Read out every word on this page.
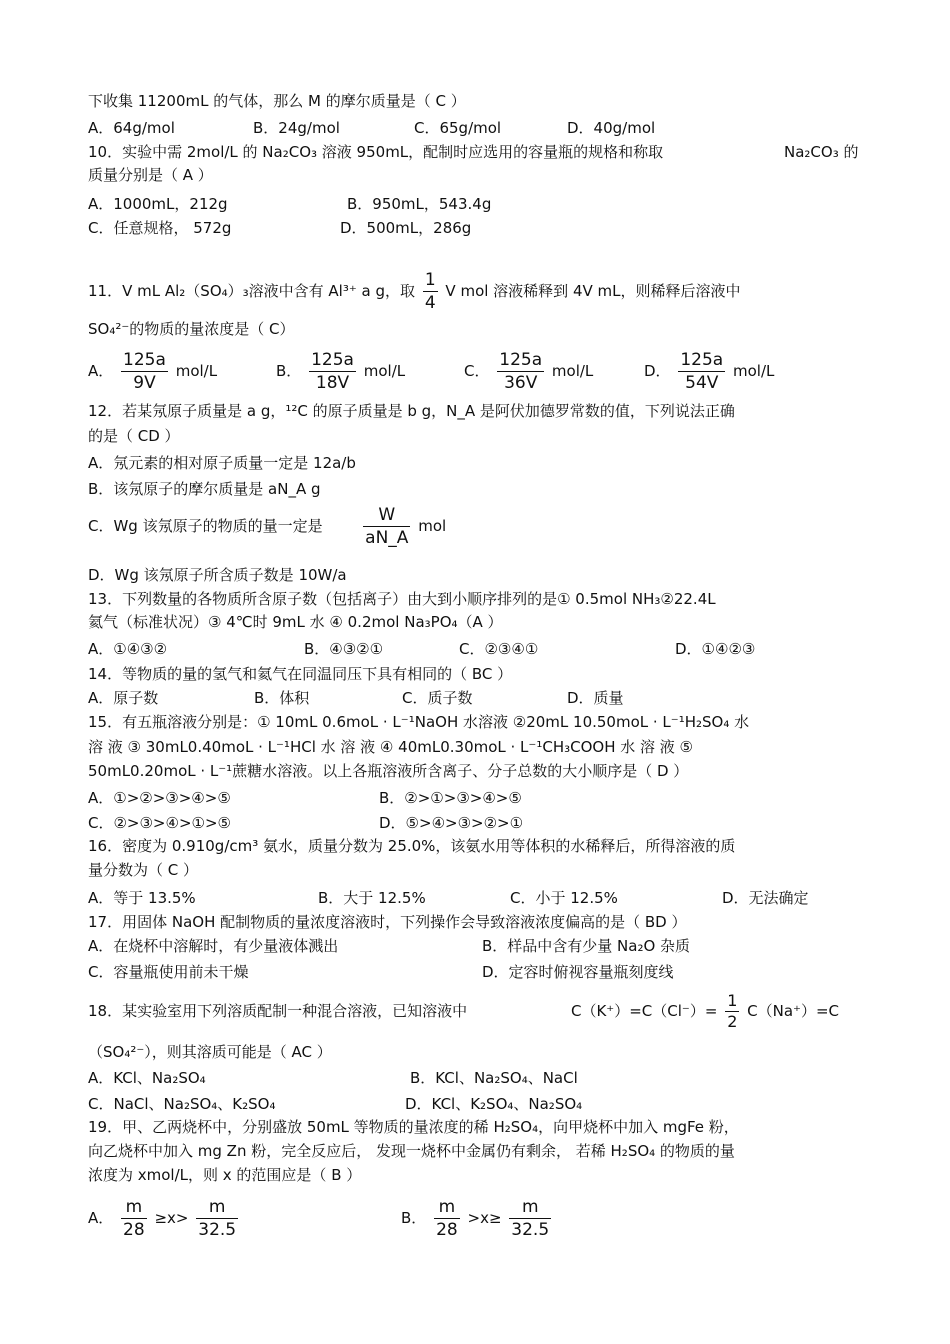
下收集 11200mL 的气体，那么 M 的摩尔质量是（ C ）
A．64g/mol	B．24g/mol	C．65g/mol	D．40g/mol
10．实验中需 2mol/L 的 Na₂CO₃ 溶液 950mL，配制时应选用的容量瓶的规格和称取	Na₂CO₃ 的
质量分别是（ A ）
A．1000mL，212g	B．950mL，543.4g
C．任意规格， 572g	D．500mL，286g
11．V mL Al₂（SO₄）₃溶液中含有 Al³⁺ a g，取 $\frac{1}{4}$ V mol 溶液稀释到 4V mL，则稀释后溶液中
SO₄²⁻的物质的量浓度是（ C）
A． $\frac{125a}{9V} mol/L$	B． $\frac{125a}{18V} mol/L$	C． $\frac{125a}{36V} mol/L$	D． $\frac{125a}{54V} mol/L$
12．若某氖原子质量是 a g，¹²C 的原子质量是 b g，N_A 是阿伏加德罗常数的值，下列说法正确
的是（ CD ）
A．氖元素的相对原子质量一定是 12a/b
B．该氖原子的摩尔质量是 aN_A g
C．Wg 该氖原子的物质的量一定是 $\frac{W}{aN\_A}$ mol
D．Wg 该氖原子所含质子数是 10W/a
13．下列数量的各物质所含原子数（包括离子）由大到小顺序排列的是① 0.5mol NH₃②22.4L
氦气（标准状况）③ 4℃时 9mL 水 ④ 0.2mol Na₃PO₄（A ）
A．①④③②	B．④③②①	C．②③④①	D．①④②③
14．等物质的量的氢气和氦气在同温同压下具有相同的（ BC ）
A．原子数	B．体积	C．质子数	D．质量
15．有五瓶溶液分别是：① 10mL 0.6moL · L⁻¹NaOH 水溶液 ②20mL 10.50moL · L⁻¹H₂SO₄ 水
溶 液 ③ 30mL0.40moL · L⁻¹HCl 水 溶 液 ④ 40mL0.30moL · L⁻¹CH₃COOH 水 溶 液 ⑤
50mL0.20moL · L⁻¹蔗糖水溶液。以上各瓶溶液所含离子、分子总数的大小顺序是（ D ）
A．①>②>③>④>⑤	B．②>①>③>④>⑤
C．②>③>④>①>⑤	D．⑤>④>③>②>①
16．密度为 0.910g/cm³ 氨水，质量分数为 25.0%，该氨水用等体积的水稀释后，所得溶液的质
量分数为（ C ）
A．等于 13.5%	B．大于 12.5%	C．小于 12.5%	D．无法确定
17．用固体 NaOH 配制物质的量浓度溶液时，下列操作会导致溶液浓度偏高的是（ BD ）
A．在烧杯中溶解时，有少量液体溅出	B．样品中含有少量 Na₂O 杂质
C．容量瓶使用前未干燥	D．定容时俯视容量瓶刻度线
18．某实验室用下列溶质配制一种混合溶液，已知溶液中	$C(K^+)=C(Cl^-)= \frac{1}{2} C(Na^+)=C$
（SO₄²⁻），则其溶质可能是（ AC ）
A．KCl、Na₂SO₄	B．KCl、Na₂SO₄、NaCl
C．NaCl、Na₂SO₄、K₂SO₄	D．KCl、K₂SO₄、Na₂SO₄
19．甲、乙两烧杯中，分别盛放 50mL 等物质的量浓度的稀 H₂SO₄，向甲烧杯中加入 mgFe 粉，
向乙烧杯中加入 mg Zn 粉，完全反应后， 发现一烧杯中金属仍有剩余， 若稀 H₂SO₄ 的物质的量
浓度为 xmol/L，则 x 的范围应是（ B ）
A． $\frac{m}{28} \ge x> \frac{m}{32.5}$	B． $\frac{m}{28} >x\ge \frac{m}{32.5}$
